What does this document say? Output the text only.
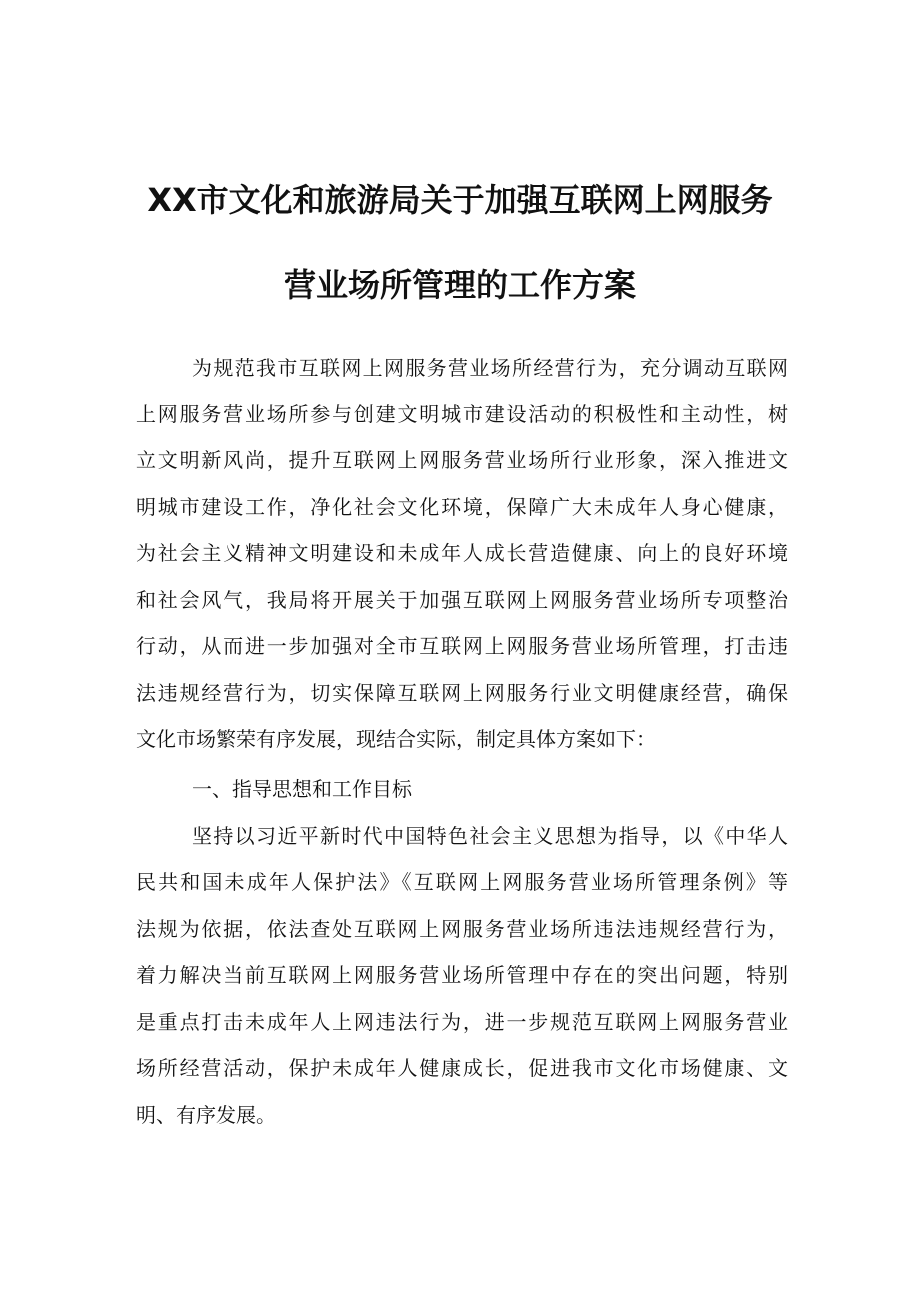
XX市文化和旅游局关于加强互联网上网服务
营业场所管理的工作方案
为规范我市互联网上网服务营业场所经营行为，充分调动互联网
上网服务营业场所参与创建文明城市建设活动的积极性和主动性，树
立文明新风尚，提升互联网上网服务营业场所行业形象，深入推进文
明城市建设工作，净化社会文化环境，保障广大未成年人身心健康，
为社会主义精神文明建设和未成年人成长营造健康、向上的良好环境
和社会风气，我局将开展关于加强互联网上网服务营业场所专项整治
行动，从而进一步加强对全市互联网上网服务营业场所管理，打击违
法违规经营行为，切实保障互联网上网服务行业文明健康经营，确保
文化市场繁荣有序发展，现结合实际，制定具体方案如下：
一、指导思想和工作目标
坚持以习近平新时代中国特色社会主义思想为指导，以《中华人
民共和国未成年人保护法》《互联网上网服务营业场所管理条例》等
法规为依据，依法查处互联网上网服务营业场所违法违规经营行为，
着力解决当前互联网上网服务营业场所管理中存在的突出问题，特别
是重点打击未成年人上网违法行为，进一步规范互联网上网服务营业
场所经营活动，保护未成年人健康成长，促进我市文化市场健康、文
明、有序发展。
